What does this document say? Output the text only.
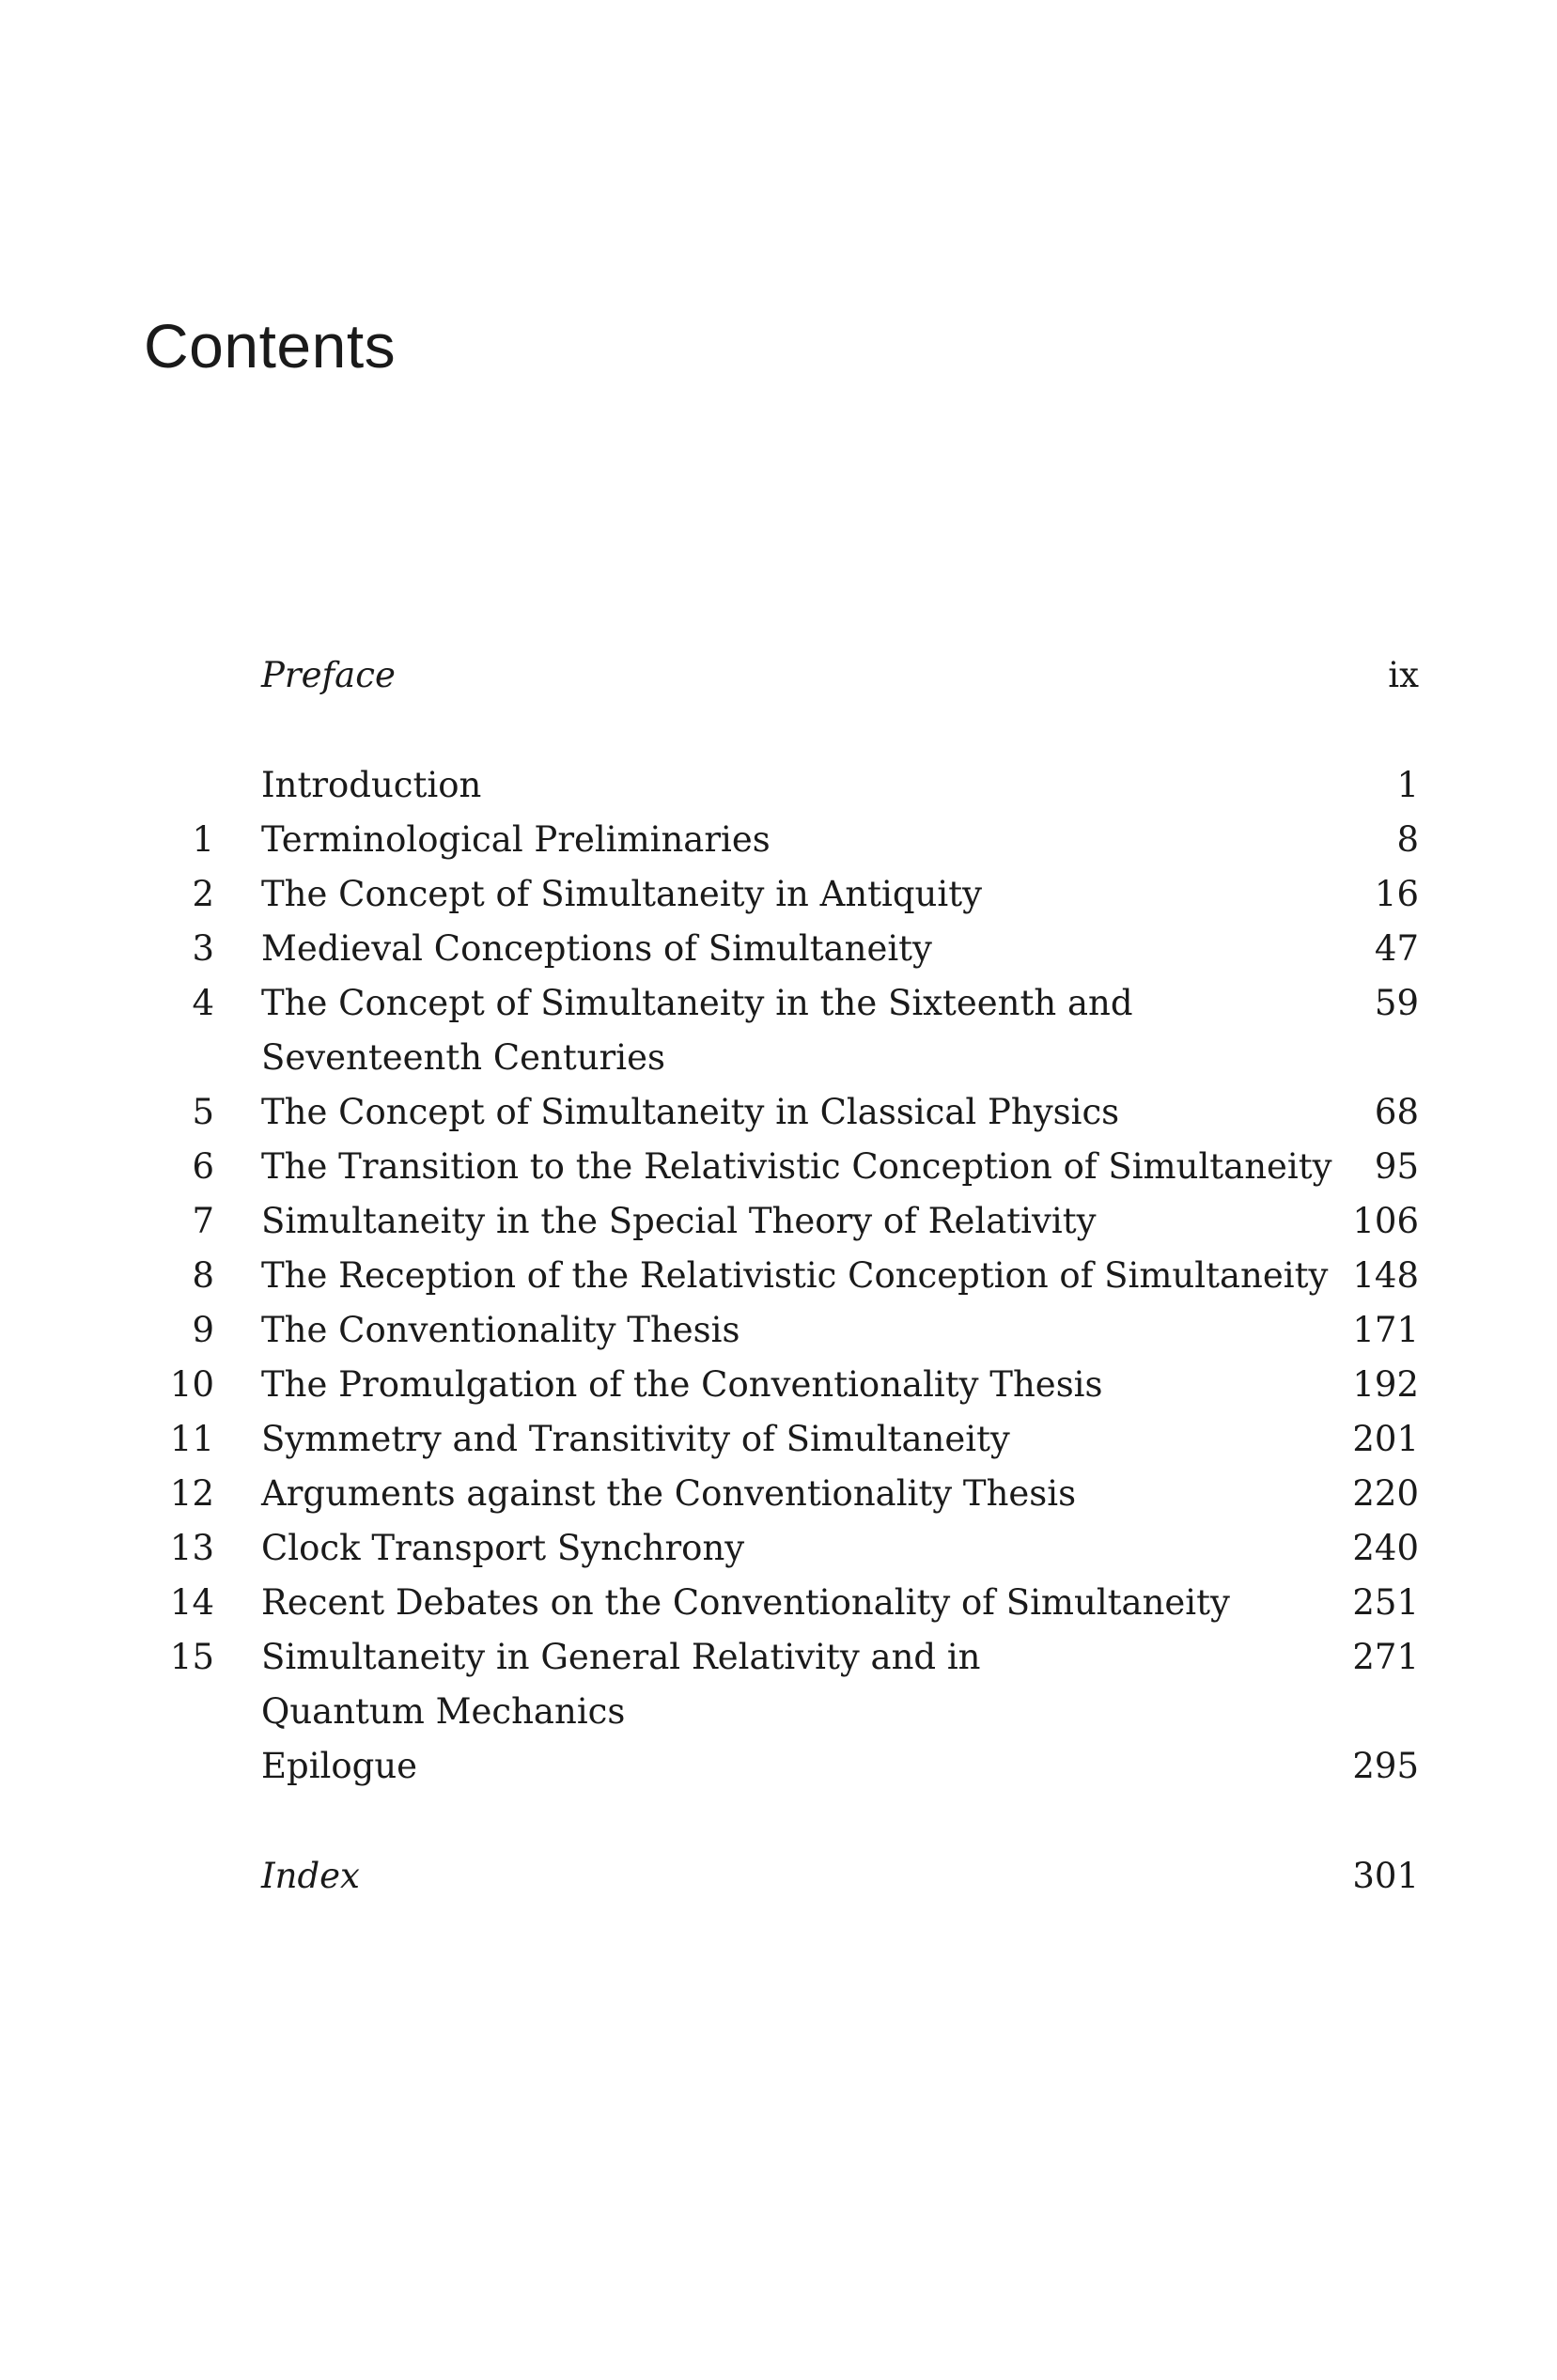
Contents
Preface	ix
Introduction	1
1 Terminological Preliminaries	8
2 The Concept of Simultaneity in Antiquity	16
3 Medieval Conceptions of Simultaneity	47
4 The Concept of Simultaneity in the Sixteenth and	59
Seventeenth Centuries
5 The Concept of Simultaneity in Classical Physics	68
6 The Transition to the Relativistic Conception of Simultaneity	95
7 Simultaneity in the Special Theory of Relativity	106
8 The Reception of the Relativistic Conception of Simultaneity 148
9 The Conventionality Thesis	171
10 The Promulgation of the Conventionality Thesis	192
11 Symmetry and Transitivity of Simultaneity	201
12 Arguments against the Conventionality Thesis	220
13 Clock Transport Synchrony	240
14 Recent Debates on the Conventionality of Simultaneity	251
15 Simultaneity in General Relativity and in	271
Quantum Mechanics
Epilogue	295
Index	301
